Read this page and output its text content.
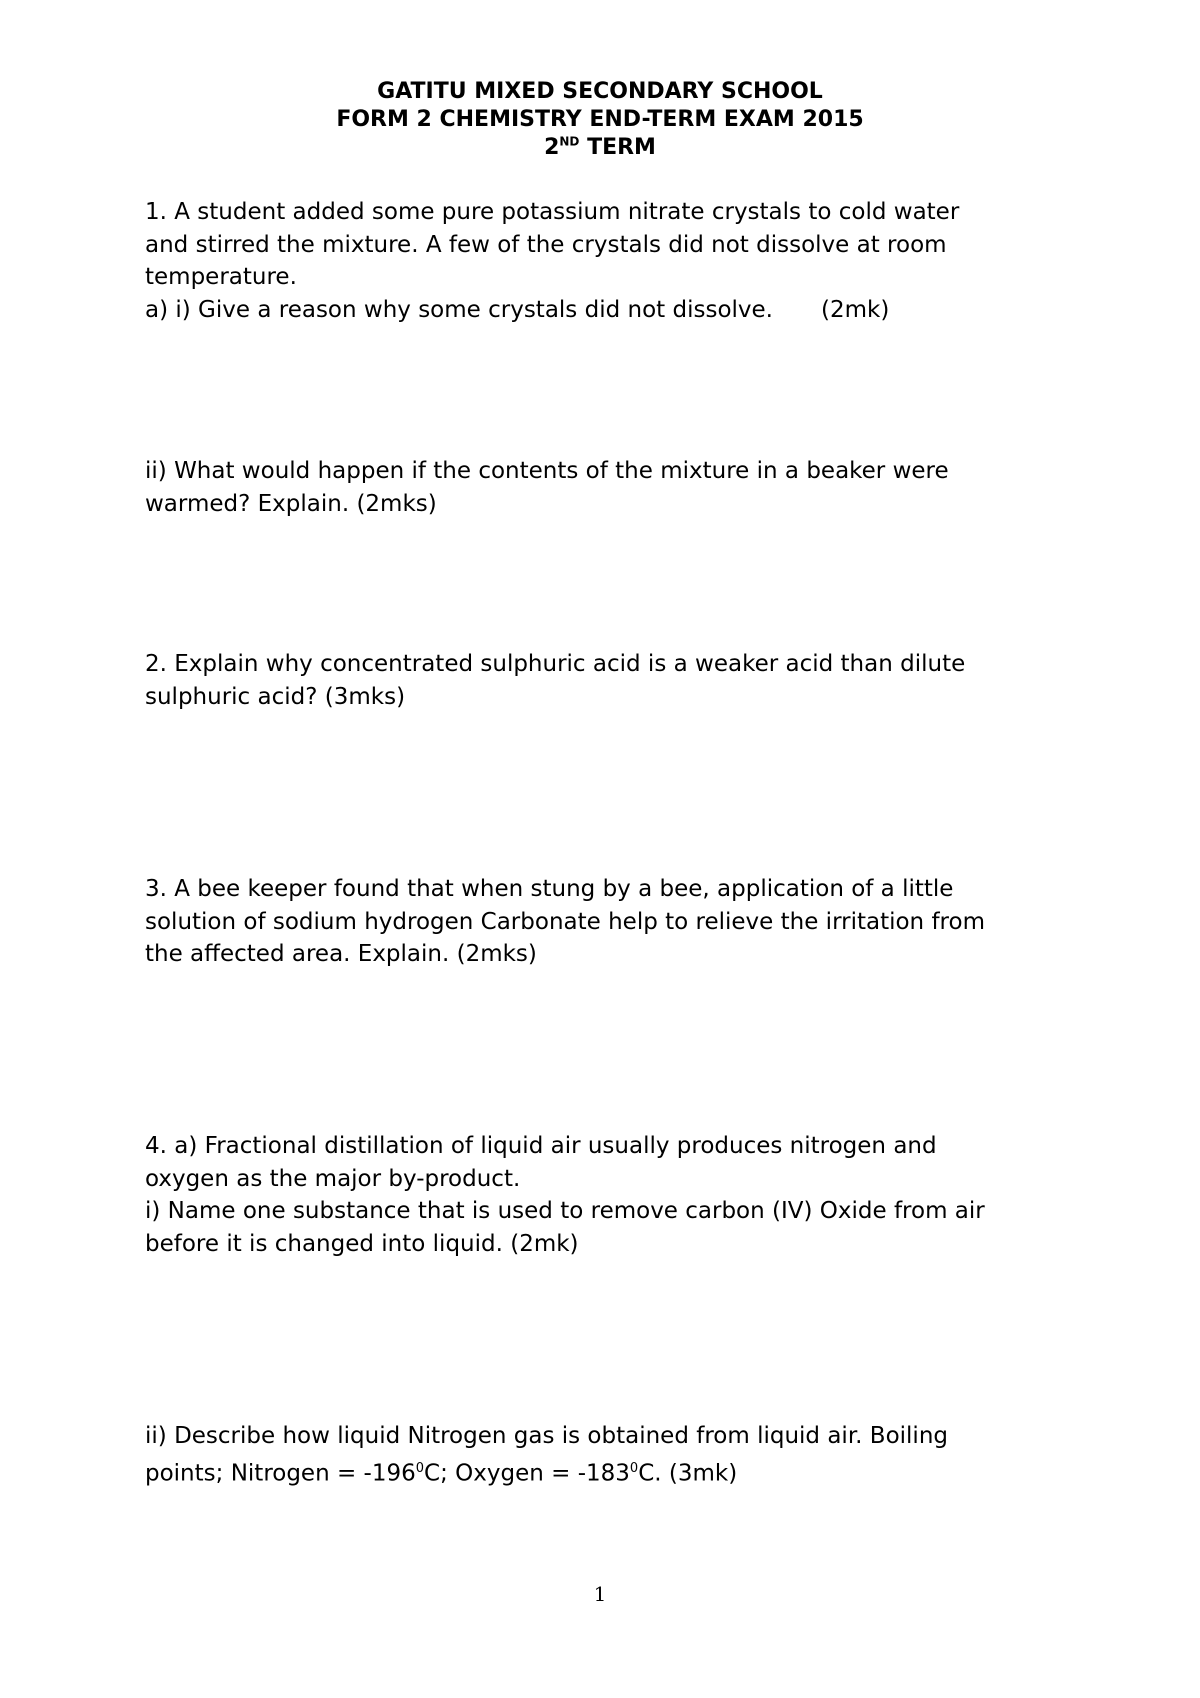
GATITU MIXED SECONDARY SCHOOL
FORM 2 CHEMISTRY END-TERM EXAM 2015
2ND TERM
1. A student added some pure potassium nitrate crystals to cold water
and stirred the mixture. A few of the crystals did not dissolve at room
temperature.
a) i) Give a reason why some crystals did not dissolve. (2mk)
ii) What would happen if the contents of the mixture in a beaker were
warmed? Explain. (2mks)
2. Explain why concentrated sulphuric acid is a weaker acid than dilute
sulphuric acid? (3mks)
3. A bee keeper found that when stung by a bee, application of a little
solution of sodium hydrogen Carbonate help to relieve the irritation from
the affected area. Explain. (2mks)
4. a) Fractional distillation of liquid air usually produces nitrogen and
oxygen as the major by-product.
i) Name one substance that is used to remove carbon (IV) Oxide from air
before it is changed into liquid. (2mk)
ii) Describe how liquid Nitrogen gas is obtained from liquid air. Boiling
points; Nitrogen = $-196^0C$; Oxygen = $-183^0C$. (3mk)
1
